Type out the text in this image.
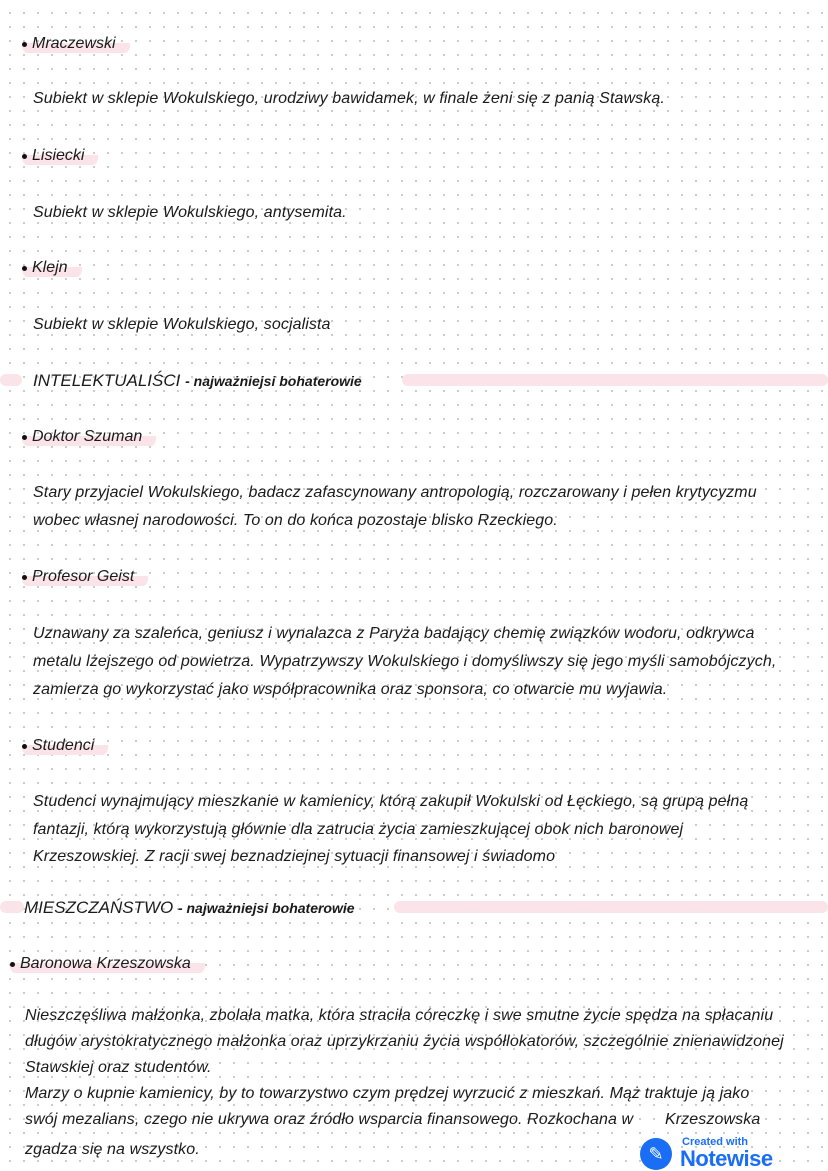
Mraczewski
Subiekt w sklepie Wokulskiego, urodziwy bawidamek, w finale żeni się z panią Stawską.
Lisiecki
Subiekt w sklepie Wokulskiego, antysemita.
Klejn
Subiekt w sklepie Wokulskiego, socjalista
INTELEKTUALIŚCI - najważniejsi bohaterowie
Doktor Szuman
Stary przyjaciel Wokulskiego, badacz zafascynowany antropologią, rozczarowany i pełen krytycyzmu
wobec własnej narodowości. To on do końca pozostaje blisko Rzeckiego.
Profesor Geist
Uznawany za szaleńca, geniusz i wynalazca z Paryża badający chemię związków wodoru, odkrywca
metalu lżejszego od powietrza. Wypatrzywszy Wokulskiego i domyśliwszy się jego myśli samobójczych,
zamierza go wykorzystać jako współpracownika oraz sponsora, co otwarcie mu wyjawia.
Studenci
Studenci wynajmujący mieszkanie w kamienicy, którą zakupił Wokulski od Łęckiego, są grupą pełną
fantazji, którą wykorzystują głównie dla zatrucia życia zamieszkującej obok nich baronowej
Krzeszowskiej. Z racji swej beznadziejnej sytuacji finansowej i świadomo
MIESZCZAŃSTWO - najważniejsi bohaterowie
Baronowa Krzeszowska
Nieszczęśliwa małżonka, zbolała matka, która straciła córeczkę i swe smutne życie spędza na spłacaniu
długów arystokratycznego małżonka oraz uprzykrzaniu życia współlokatorów, szczególnie znienawidzonej
Stawskiej oraz studentów.
Marzy o kupnie kamienicy, by to towarzystwo czym prędzej wyrzucić z mieszkań. Mąż traktuje ją jako
swój mezalians, czego nie ukrywa oraz źródło wsparcia finansowego. Rozkochana w       Krzeszowska
zgadza się na wszystko.	✎
Created with
Notewise
